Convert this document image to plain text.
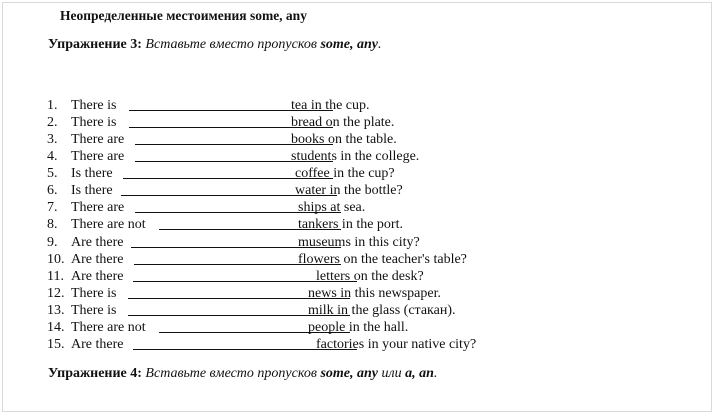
Неопределенные местоимения some, any
Упражнение 3: Вставьте вместо пропусков some, any.
1. There is	tea in the cup.
2. There is	bread on the plate.
3. There are	books on the table.
4. There are	students in the college.
5. Is there	coffee in the cup?
6. Is there	water in the bottle?
7. There are	ships at sea.
8. There are not	tankers in the port.
9. Are there	museums in this city?
10. Are there	flowers on the teacher's table?
11. Are there	letters on the desk?
12. There is	news in this newspaper.
13. There is	milk in the glass (стакан).
14. There are not	people in the hall.
15. Are there	factories in your native city?
Упражнение 4: Вставьте вместо пропусков some, any или a, an.
